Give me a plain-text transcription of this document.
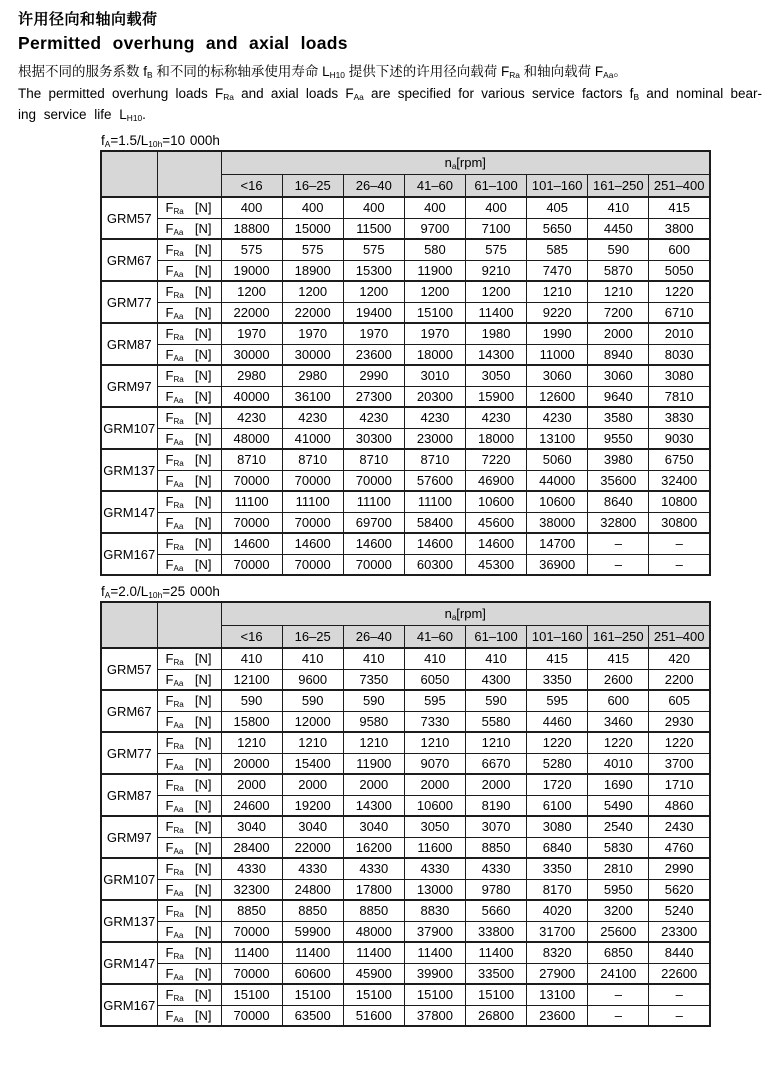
许用径向和轴向载荷
Permitted overhung and axial loads
根据不同的服务系数 $f_B$ 和不同的标称轴承使用寿命 $L_{H10}$ 提供下述的许用径向载荷 $F_{Ra}$ 和轴向载荷 $F_{Aa}$。
The permitted overhung loads $F_{Ra}$ and axial loads $F_{Aa}$ are specified for various service factors $f_B$ and nominal bear-
ing service life $L_{H10}$.
$f_A=1.5/L_{10h}=10$ 000h
		$n_a[rpm]$							
		<16	16–25	26–40	41–60	61–100	101–160	161–250	251–400
GRM57	$F_{Ra}$ [N]	400	400	400	400	400	405	410	415

	$F_{Aa}$ [N]	18800	15000	11500	9700	7100	5650	4450	3800
GRM67	$F_{Ra}$ [N]	575	575	575	580	575	585	590	600

	$F_{Aa}$ [N]	19000	18900	15300	11900	9210	7470	5870	5050
GRM77	$F_{Ra}$ [N]	1200	1200	1200	1200	1200	1210	1210	1220

	$F_{Aa}$ [N]	22000	22000	19400	15100	11400	9220	7200	6710
GRM87	$F_{Ra}$ [N]	1970	1970	1970	1970	1980	1990	2000	2010

	$F_{Aa}$ [N]	30000	30000	23600	18000	14300	11000	8940	8030
GRM97	$F_{Ra}$ [N]	2980	2980	2990	3010	3050	3060	3060	3080

	$F_{Aa}$ [N]	40000	36100	27300	20300	15900	12600	9640	7810
GRM107	$F_{Ra}$ [N]	4230	4230	4230	4230	4230	4230	3580	3830

	$F_{Aa}$ [N]	48000	41000	30300	23000	18000	13100	9550	9030
GRM137	$F_{Ra}$ [N]	8710	8710	8710	8710	7220	5060	3980	6750

	$F_{Aa}$ [N]	70000	70000	70000	57600	46900	44000	35600	32400
GRM147	$F_{Ra}$ [N]	11100	11100	11100	11100	10600	10600	8640	10800

	$F_{Aa}$ [N]	70000	70000	69700	58400	45600	38000	32800	30800
GRM167	$F_{Ra}$ [N]	14600	14600	14600	14600	14600	14700	–	–

	$F_{Aa}$ [N]	70000	70000	70000	60300	45300	36900	–	–
$f_A=2.0/L_{10h}=25$ 000h
		$n_a[rpm]$							
		<16	16–25	26–40	41–60	61–100	101–160	161–250	251–400
GRM57	$F_{Ra}$ [N]	410	410	410	410	410	415	415	420

	$F_{Aa}$ [N]	12100	9600	7350	6050	4300	3350	2600	2200
GRM67	$F_{Ra}$ [N]	590	590	590	595	590	595	600	605

	$F_{Aa}$ [N]	15800	12000	9580	7330	5580	4460	3460	2930
GRM77	$F_{Ra}$ [N]	1210	1210	1210	1210	1210	1220	1220	1220

	$F_{Aa}$ [N]	20000	15400	11900	9070	6670	5280	4010	3700
GRM87	$F_{Ra}$ [N]	2000	2000	2000	2000	2000	1720	1690	1710

	$F_{Aa}$ [N]	24600	19200	14300	10600	8190	6100	5490	4860
GRM97	$F_{Ra}$ [N]	3040	3040	3040	3050	3070	3080	2540	2430

	$F_{Aa}$ [N]	28400	22000	16200	11600	8850	6840	5830	4760
GRM107	$F_{Ra}$ [N]	4330	4330	4330	4330	4330	3350	2810	2990

	$F_{Aa}$ [N]	32300	24800	17800	13000	9780	8170	5950	5620
GRM137	$F_{Ra}$ [N]	8850	8850	8850	8830	5660	4020	3200	5240

	$F_{Aa}$ [N]	70000	59900	48000	37900	33800	31700	25600	23300
GRM147	$F_{Ra}$ [N]	11400	11400	11400	11400	11400	8320	6850	8440

	$F_{Aa}$ [N]	70000	60600	45900	39900	33500	27900	24100	22600
GRM167	$F_{Ra}$ [N]	15100	15100	15100	15100	15100	13100	–	–

	$F_{Aa}$ [N]	70000	63500	51600	37800	26800	23600	–	–
